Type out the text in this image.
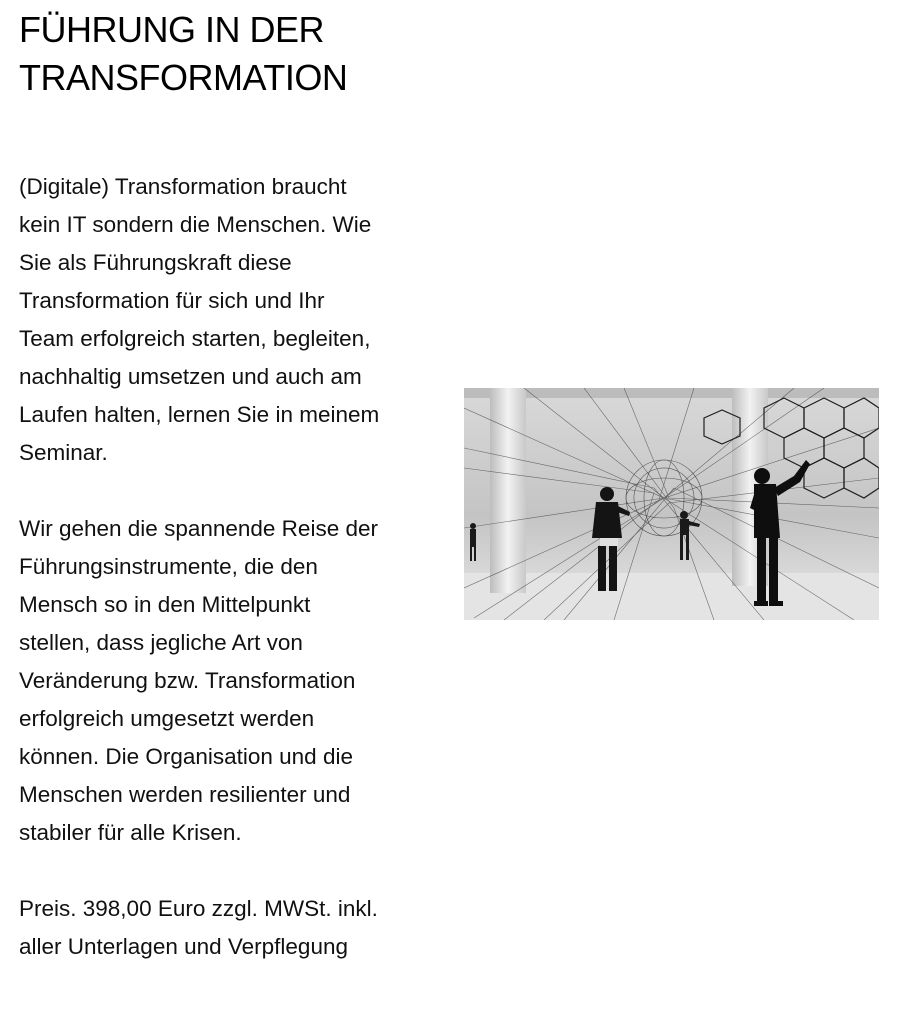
FÜHRUNG IN DER
TRANSFORMATION

(Digitale) Transformation braucht
kein IT sondern die Menschen. Wie
Sie als Führungskraft diese
Transformation für sich und Ihr
Team erfolgreich starten, begleiten,
nachhaltig umsetzen und auch am
Laufen halten, lernen Sie in meinem
Seminar.

Wir gehen die spannende Reise der
Führungsinstrumente, die den
Mensch so in den Mittelpunkt
stellen, dass jegliche Art von
Veränderung bzw. Transformation
erfolgreich umgesetzt werden
können. Die Organisation und die
Menschen werden resilienter und
stabiler für alle Krisen.

Preis. 398,00 Euro zzgl. MWSt. inkl.
aller Unterlagen und Verpflegung
